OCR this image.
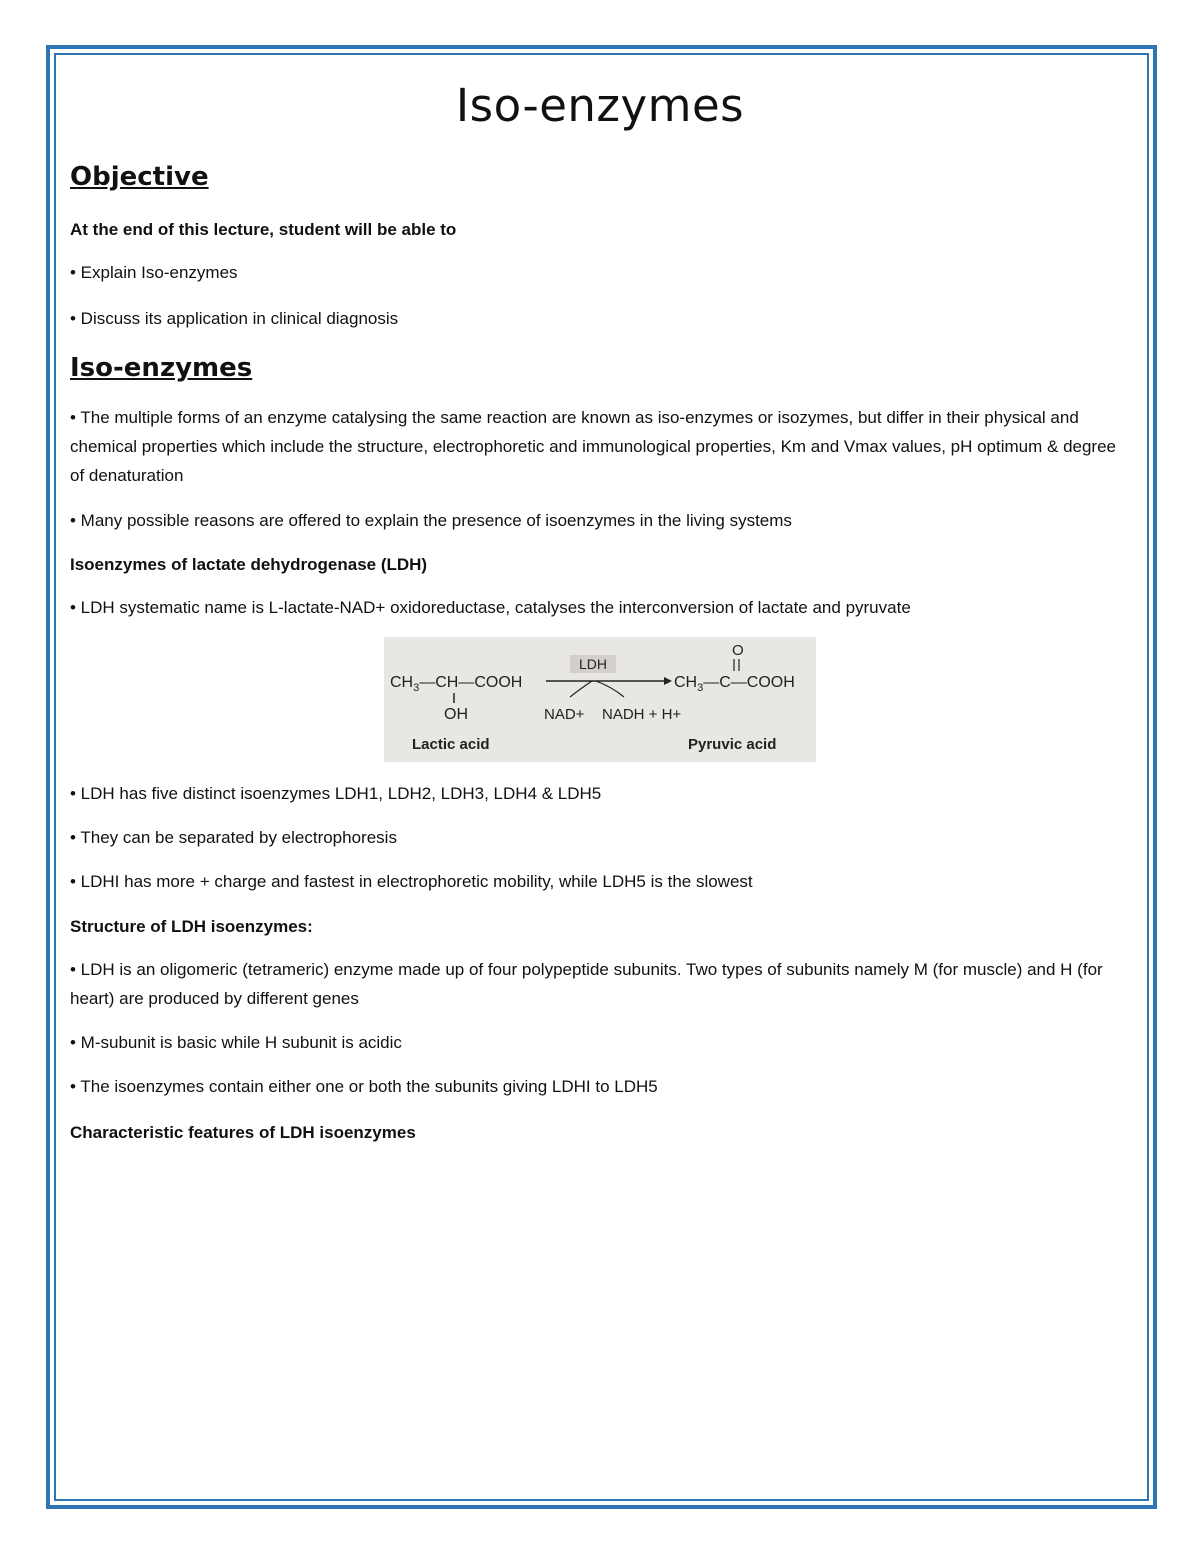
Iso-enzymes
Objective

At the end of this lecture, student will be able to

• Explain Iso-enzymes

• Discuss its application in clinical diagnosis

Iso-enzymes

• The multiple forms of an enzyme catalysing the same reaction are known as iso-enzymes or isozymes, but differ in their physical and chemical properties which include the structure, electrophoretic and immunological properties, Km and Vmax values, pH optimum & degree of denaturation

• Many possible reasons are offered to explain the presence of isoenzymes in the living systems

Isoenzymes of lactate dehydrogenase (LDH)

• LDH systematic name is L-lactate-NAD+ oxidoreductase, catalyses the interconversion of lactate and pyruvate

$CH_3—CH—COOH$
OH
Lactic acid
LDH
NAD+ NADH + H+
$CH_3—C—COOH$
O
Pyruvic acid

• LDH has five distinct isoenzymes LDH1, LDH2, LDH3, LDH4 & LDH5

• They can be separated by electrophoresis

• LDHI has more + charge and fastest in electrophoretic mobility, while LDH5 is the slowest

Structure of LDH isoenzymes:

• LDH is an oligomeric (tetrameric) enzyme made up of four polypeptide subunits. Two types of subunits namely M (for muscle) and H (for heart) are produced by different genes

• M-subunit is basic while H subunit is acidic

• The isoenzymes contain either one or both the subunits giving LDHI to LDH5

Characteristic features of LDH isoenzymes
